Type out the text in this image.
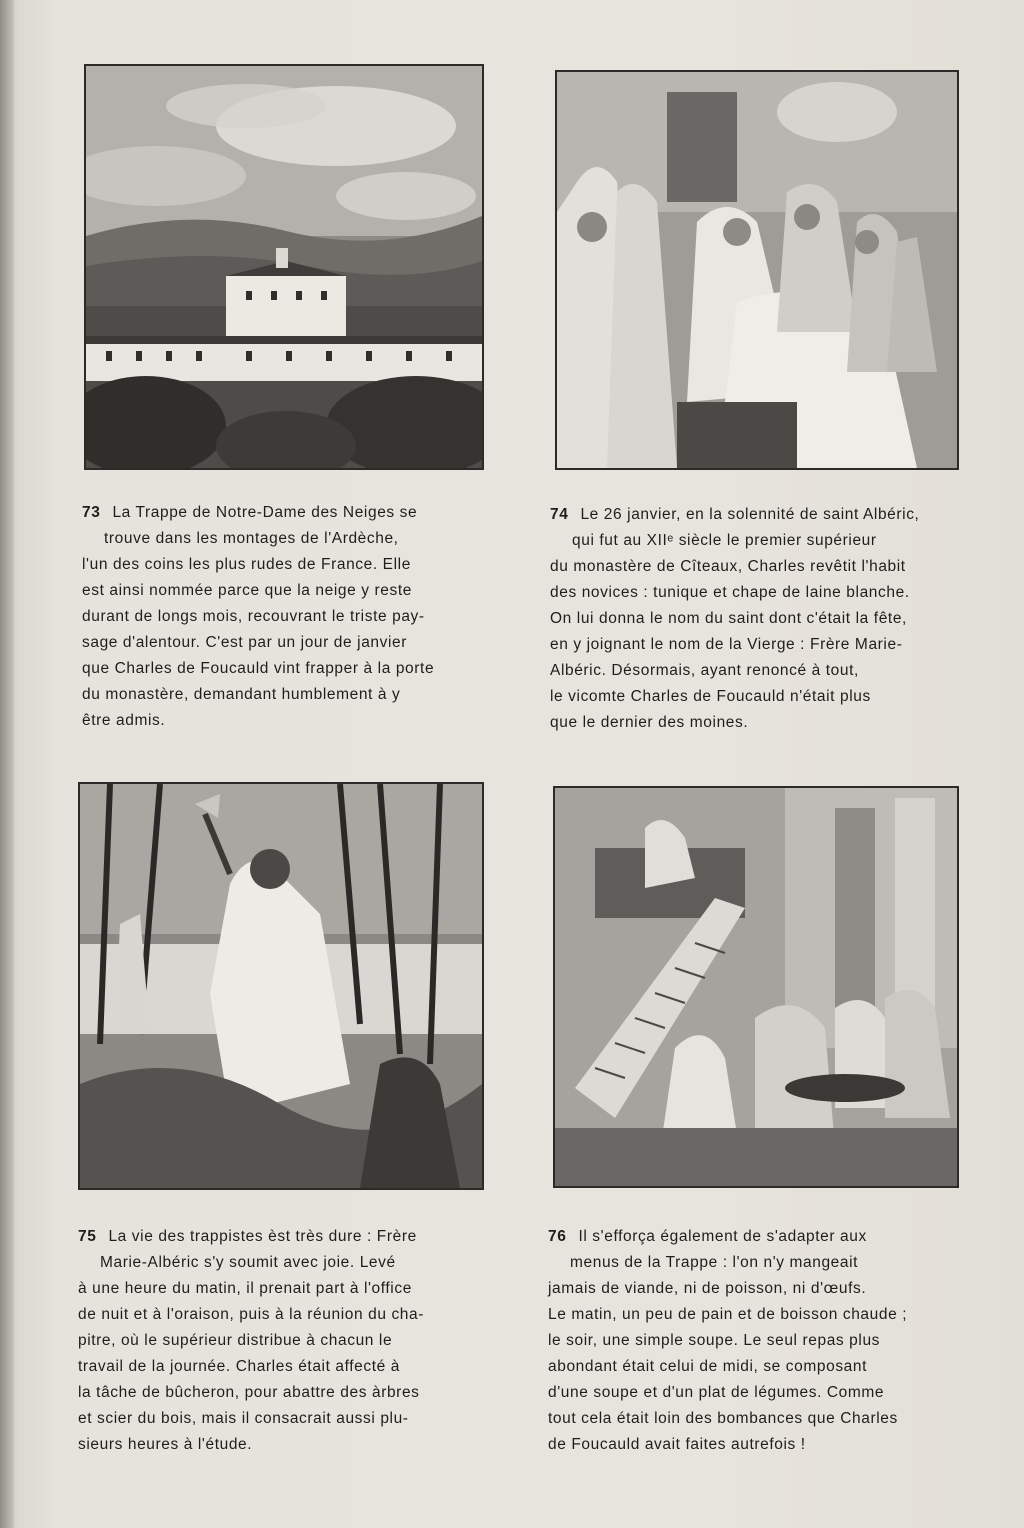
73 La Trappe de Notre-Dame des Neiges se
trouve dans les montages de l'Ardèche,
l'un des coins les plus rudes de France. Elle
est ainsi nommée parce que la neige y reste
durant de longs mois, recouvrant le triste pay-
sage d'alentour. C'est par un jour de janvier
que Charles de Foucauld vint frapper à la porte
du monastère, demandant humblement à y
être admis.
74 Le 26 janvier, en la solennité de saint Albéric,
qui fut au XIIᵉ siècle le premier supérieur
du monastère de Cîteaux, Charles revêtit l'habit
des novices : tunique et chape de laine blanche.
On lui donna le nom du saint dont c'était la fête,
en y joignant le nom de la Vierge : Frère Marie-
Albéric. Désormais, ayant renoncé à tout,
le vicomte Charles de Foucauld n'était plus
que le dernier des moines.
75 La vie des trappistes èst très dure : Frère
Marie-Albéric s'y soumit avec joie. Levé
à une heure du matin, il prenait part à l'office
de nuit et à l'oraison, puis à la réunion du cha-
pitre, où le supérieur distribue à chacun le
travail de la journée. Charles était affecté à
la tâche de bûcheron, pour abattre des àrbres
et scier du bois, mais il consacrait aussi plu-
sieurs heures à l'étude.
76 Il s'efforça également de s'adapter aux
menus de la Trappe : l'on n'y mangeait
jamais de viande, ni de poisson, ni d'œufs.
Le matin, un peu de pain et de boisson chaude ;
le soir, une simple soupe. Le seul repas plus
abondant était celui de midi, se composant
d'une soupe et d'un plat de légumes. Comme
tout cela était loin des bombances que Charles
de Foucauld avait faites autrefois !
